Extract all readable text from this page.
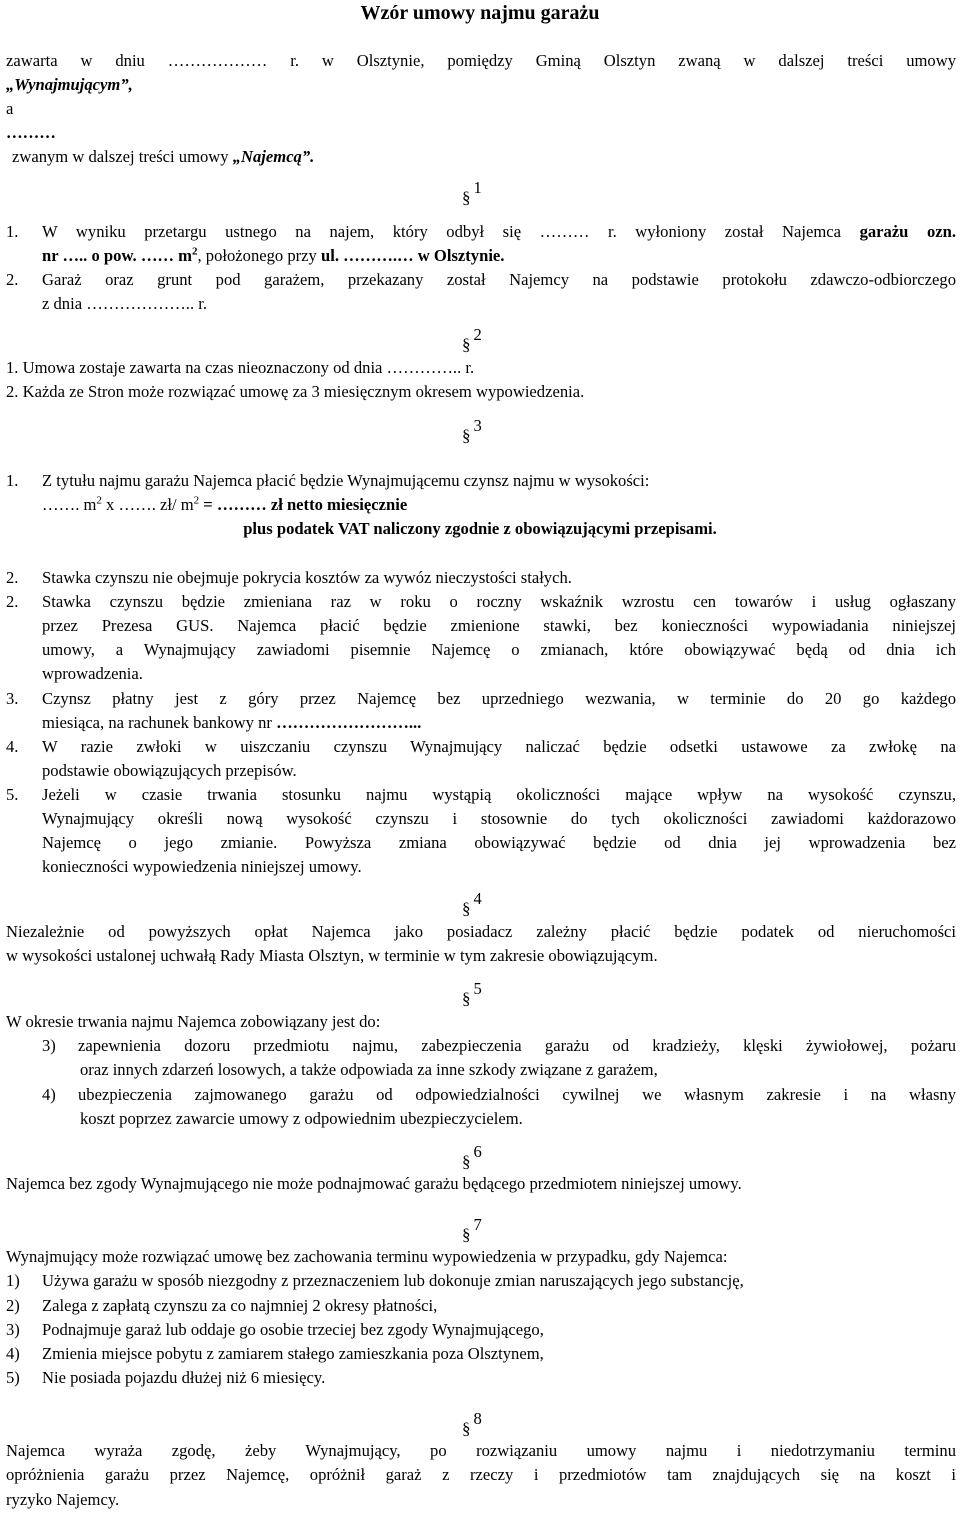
Wzór umowy najmu garażu
zawarta w dniu ……………… r. w Olsztynie, pomiędzy Gminą Olsztyn zwaną w dalszej treści umowy
„Wynajmującym”,
a
………
zwanym w dalszej treści umowy „Najemcą”.
§1
1. W wyniku przetargu ustnego na najem, który odbył się ……… r. wyłoniony został Najemca garażu ozn.
nr ….. o pow. …… $m^2$, położonego przy ul. ……….… w Olsztynie.
2. Garaż oraz grunt pod garażem, przekazany został Najemcy na podstawie protokołu zdawczo-odbiorczego
z dnia ……………….. r.
§2
1. Umowa zostaje zawarta na czas nieoznaczony od dnia ………….. r.
2. Każda ze Stron może rozwiązać umowę za 3 miesięcznym okresem wypowiedzenia.
§3
1. Z tytułu najmu garażu Najemca płacić będzie Wynajmującemu czynsz najmu w wysokości:
……. $m^2$ x ……. zł/ $m^2$ = ……… zł netto miesięcznie
plus podatek VAT naliczony zgodnie z obowiązującymi przepisami.
2. Stawka czynszu nie obejmuje pokrycia kosztów za wywóz nieczystości stałych.
2. Stawka czynszu będzie zmieniana raz w roku o roczny wskaźnik wzrostu cen towarów i usług ogłaszany
przez Prezesa GUS. Najemca płacić będzie zmienione stawki, bez konieczności wypowiadania niniejszej
umowy, a Wynajmujący zawiadomi pisemnie Najemcę o zmianach, które obowiązywać będą od dnia ich
wprowadzenia.
3. Czynsz płatny jest z góry przez Najemcę bez uprzedniego wezwania, w terminie do 20 go każdego
miesiąca, na rachunek bankowy nr ……………………...
4. W razie zwłoki w uiszczaniu czynszu Wynajmujący naliczać będzie odsetki ustawowe za zwłokę na
podstawie obowiązujących przepisów.
5. Jeżeli w czasie trwania stosunku najmu wystąpią okoliczności mające wpływ na wysokość czynszu,
Wynajmujący określi nową wysokość czynszu i stosownie do tych okoliczności zawiadomi każdorazowo
Najemcę o jego zmianie. Powyższa zmiana obowiązywać będzie od dnia jej wprowadzenia bez
konieczności wypowiedzenia niniejszej umowy.
§4
Niezależnie od powyższych opłat Najemca jako posiadacz zależny płacić będzie podatek od nieruchomości
w wysokości ustalonej uchwałą Rady Miasta Olsztyn, w terminie w tym zakresie obowiązującym.
§5
W okresie trwania najmu Najemca zobowiązany jest do:
3) zapewnienia dozoru przedmiotu najmu, zabezpieczenia garażu od kradzieży, klęski żywiołowej, pożaru
oraz innych zdarzeń losowych, a także odpowiada za inne szkody związane z garażem,
4) ubezpieczenia zajmowanego garażu od odpowiedzialności cywilnej we własnym zakresie i na własny
koszt poprzez zawarcie umowy z odpowiednim ubezpieczycielem.
§6
Najemca bez zgody Wynajmującego nie może podnajmować garażu będącego przedmiotem niniejszej umowy.
§7
Wynajmujący może rozwiązać umowę bez zachowania terminu wypowiedzenia w przypadku, gdy Najemca:
1) Używa garażu w sposób niezgodny z przeznaczeniem lub dokonuje zmian naruszających jego substancję,
2) Zalega z zapłatą czynszu za co najmniej 2 okresy płatności,
3) Podnajmuje garaż lub oddaje go osobie trzeciej bez zgody Wynajmującego,
4) Zmienia miejsce pobytu z zamiarem stałego zamieszkania poza Olsztynem,
5) Nie posiada pojazdu dłużej niż 6 miesięcy.
§8
Najemca wyraża zgodę, żeby Wynajmujący, po rozwiązaniu umowy najmu i niedotrzymaniu terminu
opróżnienia garażu przez Najemcę, opróżnił garaż z rzeczy i przedmiotów tam znajdujących się na koszt i
ryzyko Najemcy.
